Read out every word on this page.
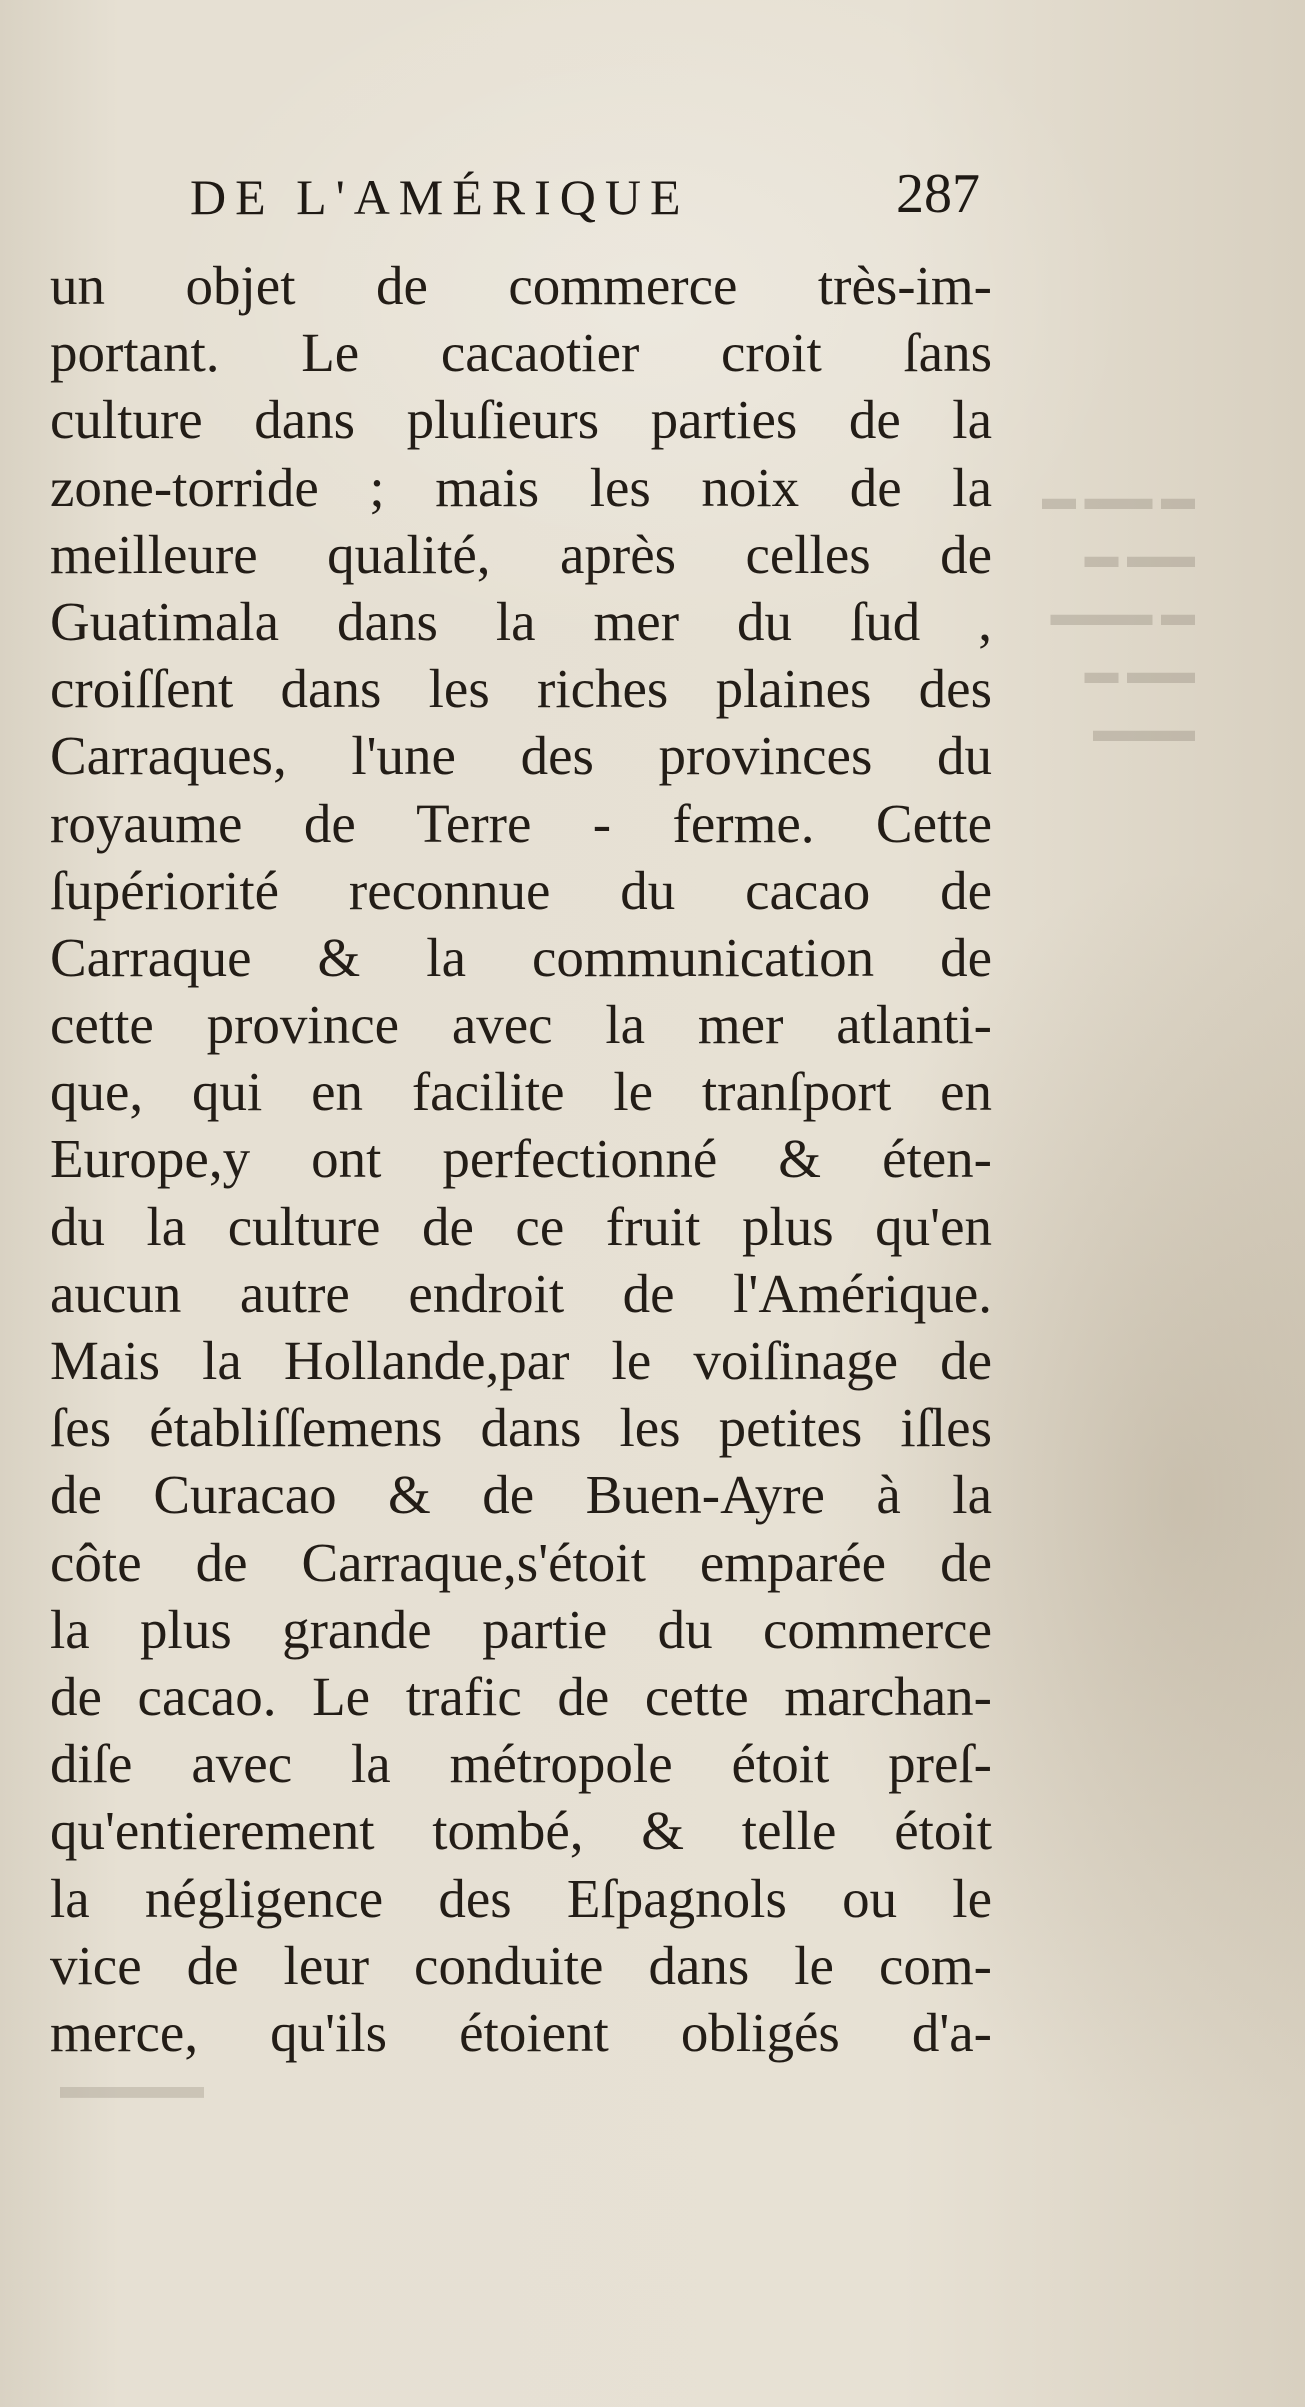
▬ ▬▬ ▬
▬▬ ▬
▬ ▬▬▬
▬▬ ▬
▬▬▬
▬▬▬▬
DE L'AMÉRIQUE	287
un objet de commerce très-im-
portant. Le cacaotier croit ſans
culture dans pluſieurs parties de la
zone-torride ; mais les noix de la
meilleure qualité, après celles de
Guatimala dans la mer du ſud ,
croiſſent dans les riches plaines des
Carraques, l'une des provinces du
royaume de Terre - ferme. Cette
ſupériorité reconnue du cacao de
Carraque & la communication de
cette province avec la mer atlanti-
que, qui en facilite le tranſport en
Europe,y ont perfectionné & éten-
du la culture de ce fruit plus qu'en
aucun autre endroit de l'Amérique.
Mais la Hollande,par le voiſinage de
ſes établiſſemens dans les petites iſles
de Curacao & de Buen-Ayre à la
côte de Carraque,s'étoit emparée de
la plus grande partie du commerce
de cacao. Le trafic de cette marchan-
diſe avec la métropole étoit preſ-
qu'entierement tombé, & telle étoit
la négligence des Eſpagnols ou le
vice de leur conduite dans le com-
merce, qu'ils étoient obligés d'a-
